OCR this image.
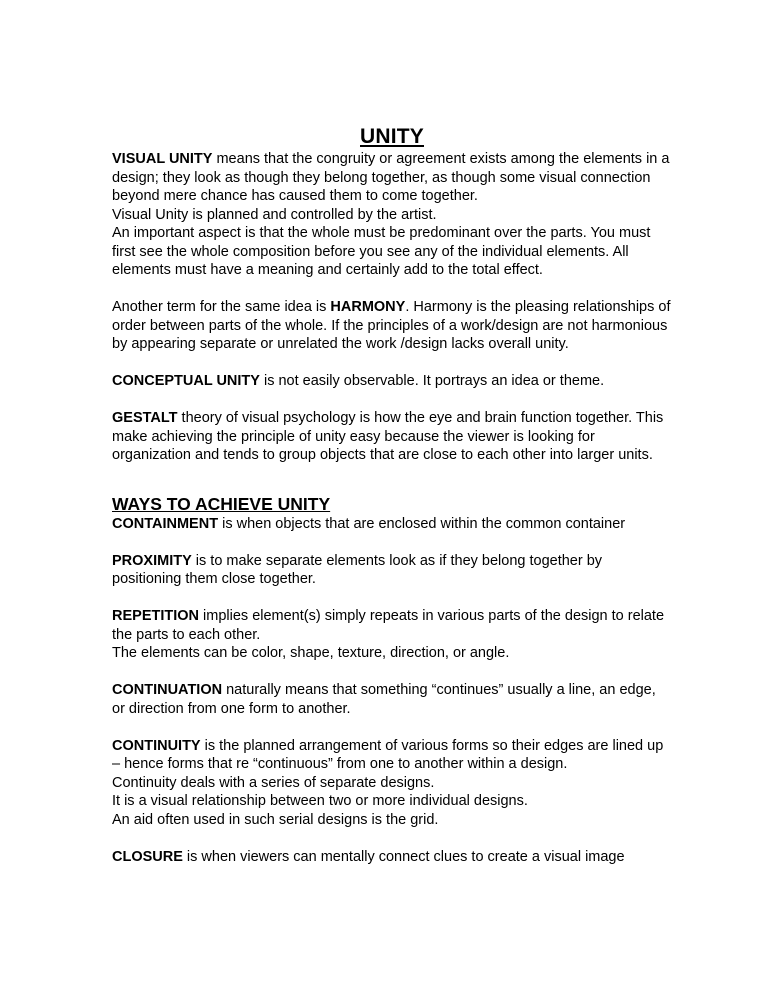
UNITY

VISUAL UNITY means that the congruity or agreement exists among the elements in a design; they look as though they belong together, as though some visual connection beyond mere chance has caused them to come together.

Visual Unity is planned and controlled by the artist.

An important aspect is that the whole must be predominant over the parts. You must first see the whole composition before you see any of the individual elements. All elements must have a meaning and certainly add to the total effect.

Another term for the same idea is HARMONY. Harmony is the pleasing relationships of order between parts of the whole. If the principles of a work/design are not harmonious by appearing separate or unrelated the work /design lacks overall unity.

CONCEPTUAL UNITY is not easily observable. It portrays an idea or theme.

GESTALT theory of visual psychology is how the eye and brain function together. This make achieving the principle of unity easy because the viewer is looking for organization and tends to group objects that are close to each other into larger units.

WAYS TO ACHIEVE UNITY

CONTAINMENT is when objects that are enclosed within the common container

PROXIMITY is to make separate elements look as if they belong together by positioning them close together.

REPETITION implies element(s) simply repeats in various parts of the design to relate the parts to each other.

The elements can be color, shape, texture, direction, or angle.

CONTINUATION naturally means that something “continues” usually a line, an edge, or direction from one form to another.

CONTINUITY is the planned arrangement of various forms so their edges are lined up – hence forms that re “continuous” from one to another within a design.

Continuity deals with a series of separate designs.

It is a visual relationship between two or more individual designs.

An aid often used in such serial designs is the grid.

CLOSURE is when viewers can mentally connect clues to create a visual image
